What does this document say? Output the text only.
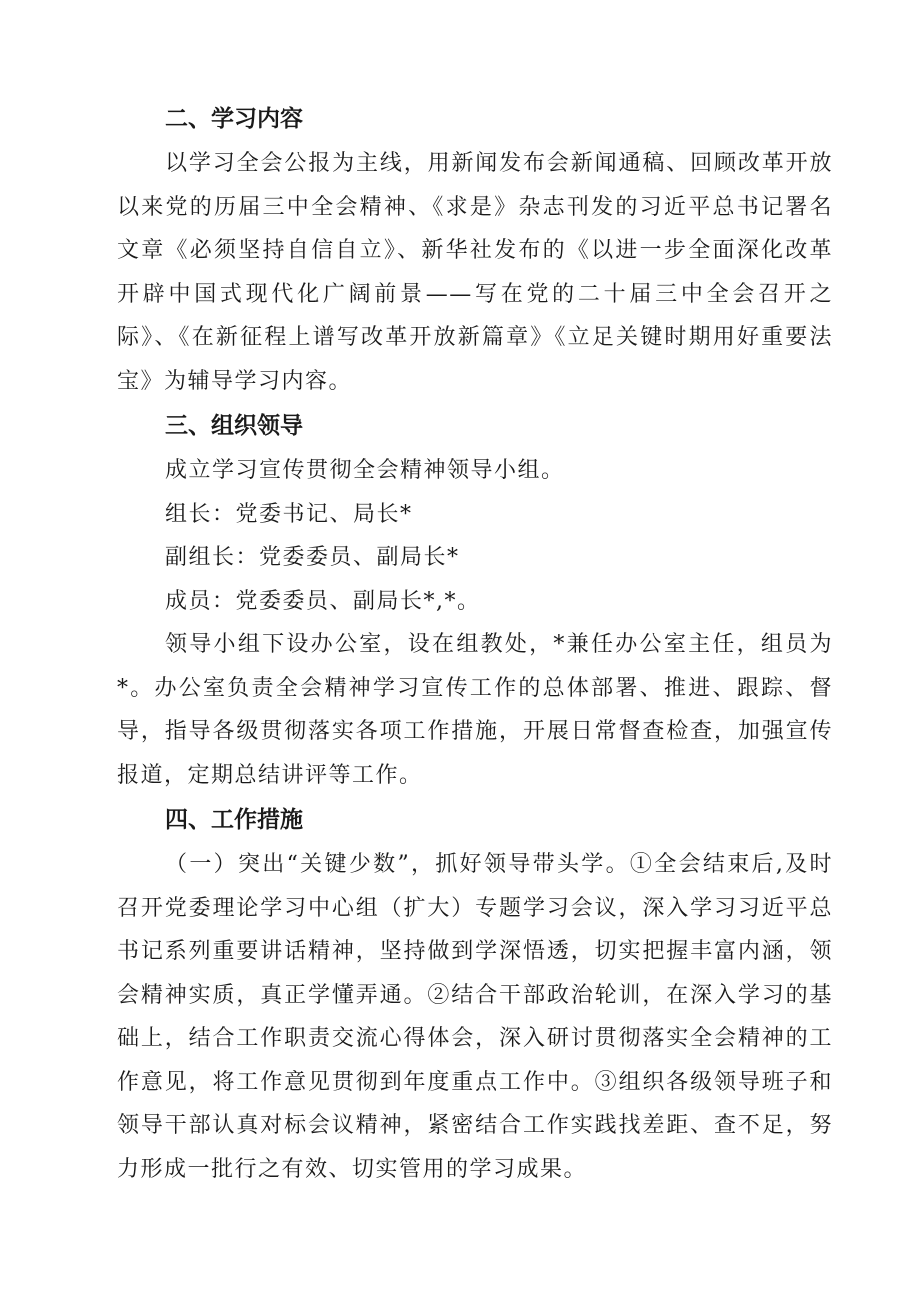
二、学习内容

以学习全会公报为主线，用新闻发布会新闻通稿、回顾改革开放以来党的历届三中全会精神、《求是》杂志刊发的习近平总书记署名文章《必须坚持自信自立》、新华社发布的《以进一步全面深化改革开辟中国式现代化广阔前景——写在党的二十届三中全会召开之际》、《在新征程上谱写改革开放新篇章》《立足关键时期用好重要法宝》为辅导学习内容。

三、组织领导
成立学习宣传贯彻全会精神领导小组。
组长：党委书记、局长*
副组长：党委委员、副局长*
成员：党委委员、副局长*,*。

领导小组下设办公室，设在组教处，*兼任办公室主任，组员为*。办公室负责全会精神学习宣传工作的总体部署、推进、跟踪、督导，指导各级贯彻落实各项工作措施，开展日常督查检查，加强宣传报道，定期总结讲评等工作。

四、工作措施

（一）突出“关键少数”，抓好领导带头学。①全会结束后,及时召开党委理论学习中心组（扩大）专题学习会议，深入学习习近平总书记系列重要讲话精神，坚持做到学深悟透，切实把握丰富内涵，领会精神实质，真正学懂弄通。②结合干部政治轮训，在深入学习的基础上，结合工作职责交流心得体会，深入研讨贯彻落实全会精神的工作意见，将工作意见贯彻到年度重点工作中。③组织各级领导班子和领导干部认真对标会议精神，紧密结合工作实践找差距、查不足，努力形成一批行之有效、切实管用的学习成果。
